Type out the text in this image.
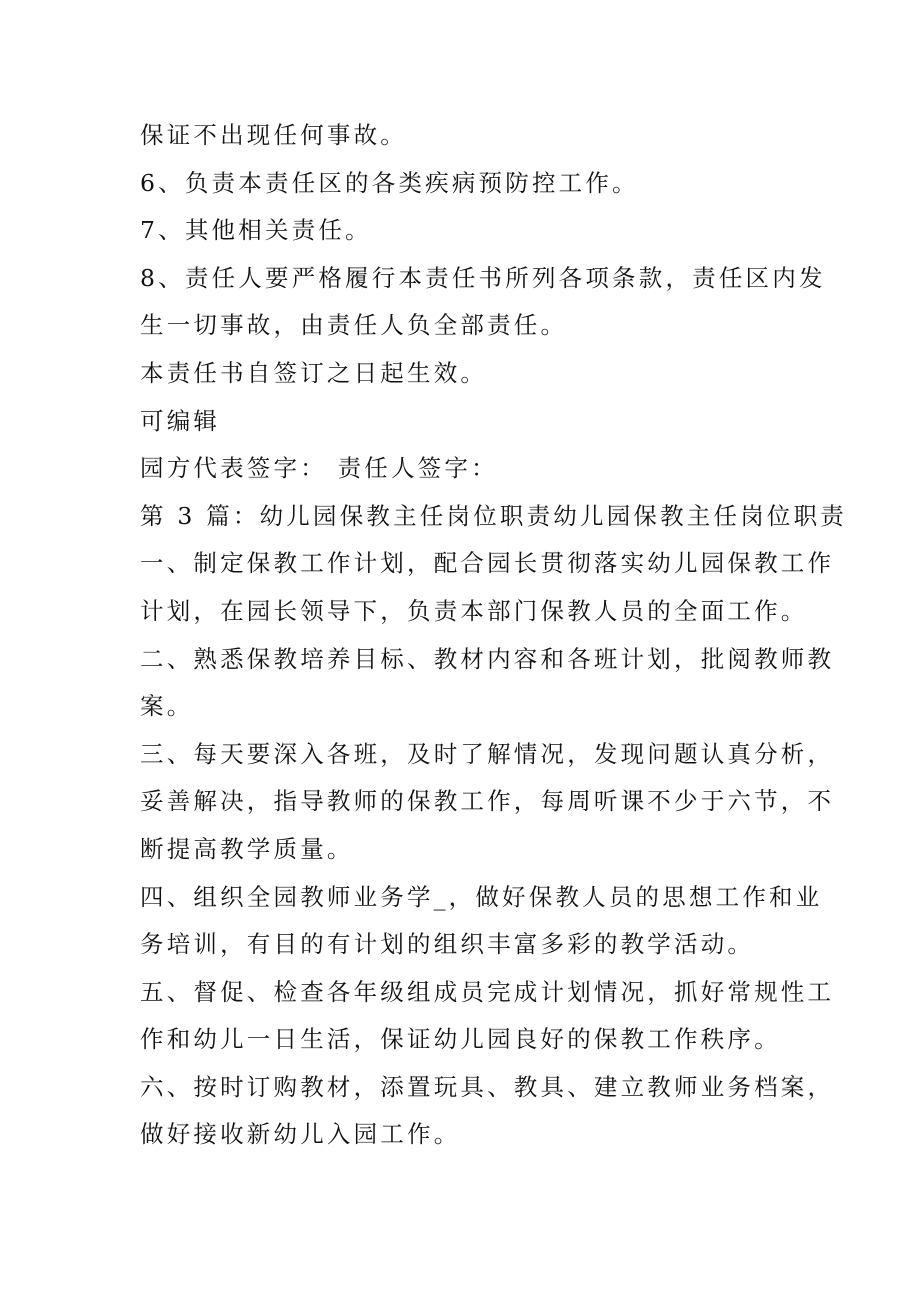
保证不出现任何事故。
6、负责本责任区的各类疾病预防控工作。
7、其他相关责任。
8、责任人要严格履行本责任书所列各项条款，责任区内发
生一切事故，由责任人负全部责任。
本责任书自签订之日起生效。
可编辑
园方代表签字： 责任人签字：
第 3 篇：幼儿园保教主任岗位职责幼儿园保教主任岗位职责
一、制定保教工作计划，配合园长贯彻落实幼儿园保教工作
计划，在园长领导下，负责本部门保教人员的全面工作。
二、熟悉保教培养目标、教材内容和各班计划，批阅教师教
案。
三、每天要深入各班，及时了解情况，发现问题认真分析，
妥善解决，指导教师的保教工作，每周听课不少于六节，不
断提高教学质量。
四、组织全园教师业务学_，做好保教人员的思想工作和业
务培训，有目的有计划的组织丰富多彩的教学活动。
五、督促、检查各年级组成员完成计划情况，抓好常规性工
作和幼儿一日生活，保证幼儿园良好的保教工作秩序。
六、按时订购教材，添置玩具、教具、建立教师业务档案，
做好接收新幼儿入园工作。
